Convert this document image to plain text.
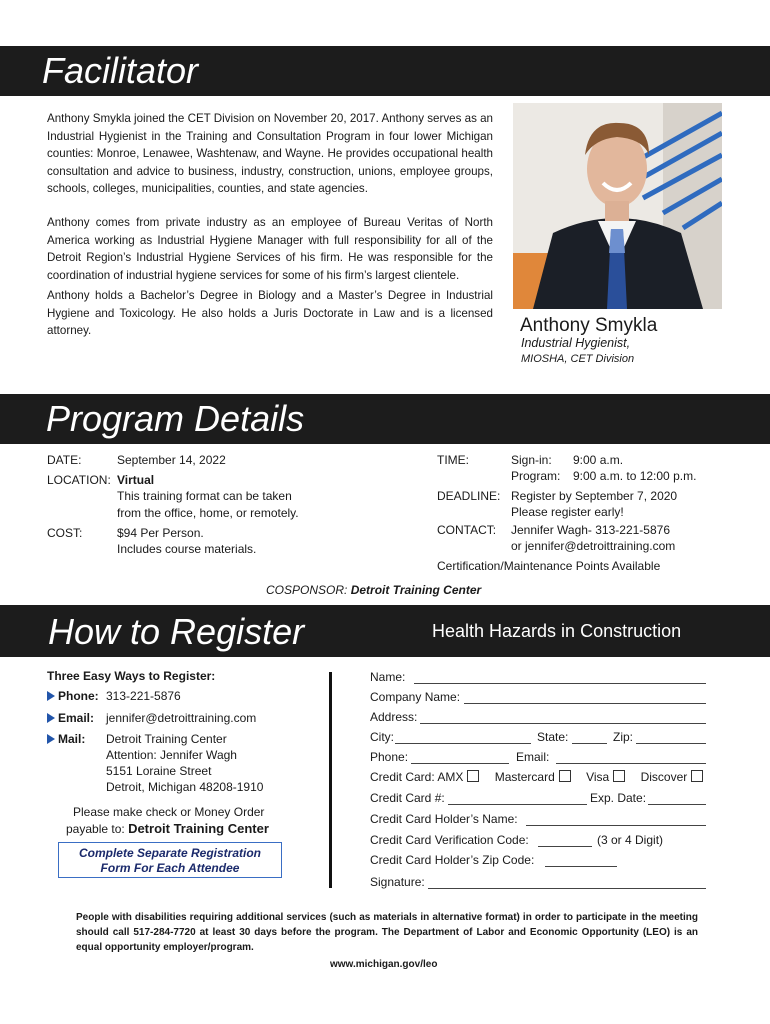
Facilitator
Anthony Smykla joined the CET Division on November 20, 2017. Anthony serves as an Industrial Hygienist in the Training and Consultation Program in four lower Michigan counties: Monroe, Lenawee, Washtenaw, and Wayne. He provides occupational health consultation and advice to business, industry, construction, unions, employee groups, schools, colleges, municipalities, counties, and state agencies.
Anthony comes from private industry as an employee of Bureau Veritas of North America working as Industrial Hygiene Manager with full responsibility for all of the Detroit Region’s Industrial Hygiene Services of his firm. He was responsible for the coordination of industrial hygiene services for some of his firm’s largest clientele.
Anthony holds a Bachelor’s Degree in Biology and a Master’s Degree in Industrial Hygiene and Toxicology. He also holds a Juris Doctorate in Law and is a licensed attorney.	Anthony Smykla
Industrial Hygienist,
MIOSHA, CET Division
Program Details
DATE:	September 14, 2022
LOCATION: Virtual
This training format can be taken
from the office, home, or remotely.
COST:	$94 Per Person.
Includes course materials.
TIME:	Sign-in: 9:00 a.m.
Program: 9:00 a.m. to 12:00 p.m.
DEADLINE: Register by September 7, 2020
Please register early!
CONTACT: Jennifer Wagh- 313-221-5876
or jennifer@detroittraining.com
Certification/Maintenance Points Available
COSPONSOR: Detroit Training Center
How to Register	Health Hazards in Construction
Three Easy Ways to Register:
Phone: 313-221-5876
Email: jennifer@detroittraining.com
Mail: Detroit Training Center
Attention: Jennifer Wagh
5151 Loraine Street
Detroit, Michigan 48208-1910
Please make check or Money Order
payable to: Detroit Training Center
Complete Separate Registration
Form For Each Attendee
Name:
Company Name:
Address:
City:	State:	Zip:
Phone:	Email:
Credit Card: AMX	Mastercard	Visa	Discover
Credit Card #:	Exp. Date:
Credit Card Holder’s Name:
Credit Card Verification Code:	(3 or 4 Digit)
Credit Card Holder’s Zip Code:
Signature:
People with disabilities requiring additional services (such as materials in alternative format) in order to participate in the meeting should call 517-284-7720 at least 30 days before the program. The Department of Labor and Economic Opportunity (LEO) is an equal opportunity employer/program.
www.michigan.gov/leo
